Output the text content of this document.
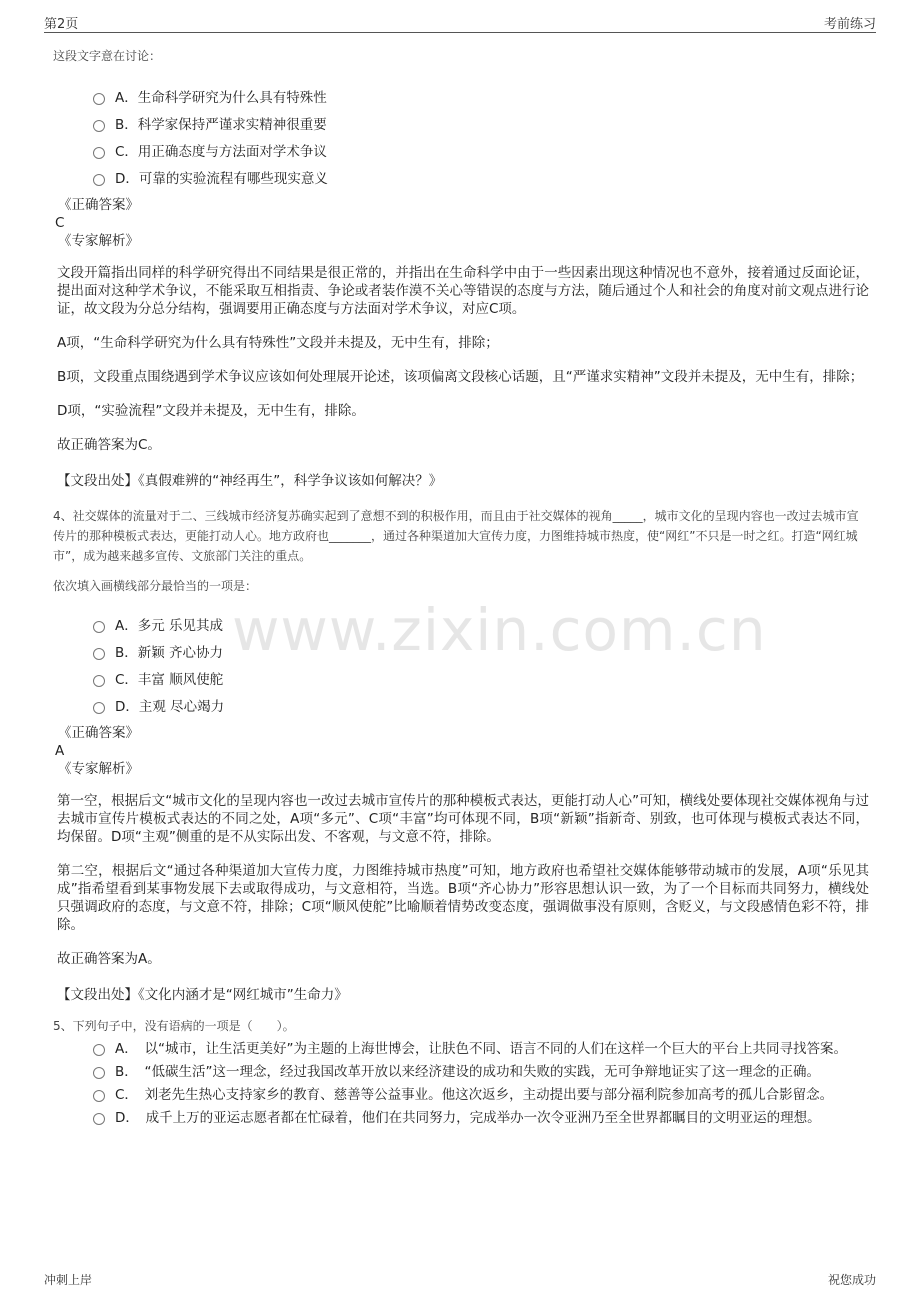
第2页	考前练习
www.zixin.com.cn
这段文字意在讨论：
A．生命科学研究为什么具有特殊性
B．科学家保持严谨求实精神很重要
C．用正确态度与方法面对学术争议
D．可靠的实验流程有哪些现实意义
《正确答案》
C
《专家解析》
文段开篇指出同样的科学研究得出不同结果是很正常的，并指出在生命科学中由于一些因素出现这种情况也不意外，接着通过反面论证，提出面对这种学术争议，不能采取互相指责、争论或者装作漠不关心等错误的态度与方法，随后通过个人和社会的角度对前文观点进行论证，故文段为分总分结构，强调要用正确态度与方法面对学术争议，对应C项。
A项，“生命科学研究为什么具有特殊性”文段并未提及，无中生有，排除；
B项，文段重点围绕遇到学术争议应该如何处理展开论述，该项偏离文段核心话题，且“严谨求实精神”文段并未提及，无中生有，排除；
D项，“实验流程”文段并未提及，无中生有，排除。
故正确答案为C。
【文段出处】《真假难辨的“神经再生”，科学争议该如何解决？》
4、社交媒体的流量对于二、三线城市经济复苏确实起到了意想不到的积极作用，而且由于社交媒体的视角_____，城市文化的呈现内容也一改过去城市宣传片的那种模板式表达，更能打动人心。地方政府也_______，通过各种渠道加大宣传力度，力图维持城市热度，使“网红”不只是一时之红。打造“网红城市”，成为越来越多宣传、文旅部门关注的重点。
依次填入画横线部分最恰当的一项是：
A．多元 乐见其成
B．新颖 齐心协力
C．丰富 顺风使舵
D．主观 尽心竭力
《正确答案》
A
《专家解析》
第一空，根据后文“城市文化的呈现内容也一改过去城市宣传片的那种模板式表达，更能打动人心”可知，横线处要体现社交媒体视角与过去城市宣传片模板式表达的不同之处，A项“多元”、C项“丰富”均可体现不同，B项“新颖”指新奇、别致，也可体现与模板式表达不同，均保留。D项“主观”侧重的是不从实际出发、不客观，与文意不符，排除。
第二空，根据后文“通过各种渠道加大宣传力度，力图维持城市热度”可知，地方政府也希望社交媒体能够带动城市的发展，A项“乐见其成”指希望看到某事物发展下去或取得成功，与文意相符，当选。B项“齐心协力”形容思想认识一致，为了一个目标而共同努力，横线处只强调政府的态度，与文意不符，排除；C项“顺风使舵”比喻顺着情势改变态度，强调做事没有原则，含贬义，与文段感情色彩不符，排除。
故正确答案为A。
【文段出处】《文化内涵才是“网红城市”生命力》
5、下列句子中，没有语病的一项是（　　）。
A．　以“城市，让生活更美好”为主题的上海世博会，让肤色不同、语言不同的人们在这样一个巨大的平台上共同寻找答案。
B．　“低碳生活”这一理念，经过我国改革开放以来经济建设的成功和失败的实践，无可争辩地证实了这一理念的正确。
C．　刘老先生热心支持家乡的教育、慈善等公益事业。他这次返乡，主动提出要与部分福利院参加高考的孤儿合影留念。
D．　成千上万的亚运志愿者都在忙碌着，他们在共同努力，完成举办一次令亚洲乃至全世界都瞩目的文明亚运的理想。
冲刺上岸	祝您成功
